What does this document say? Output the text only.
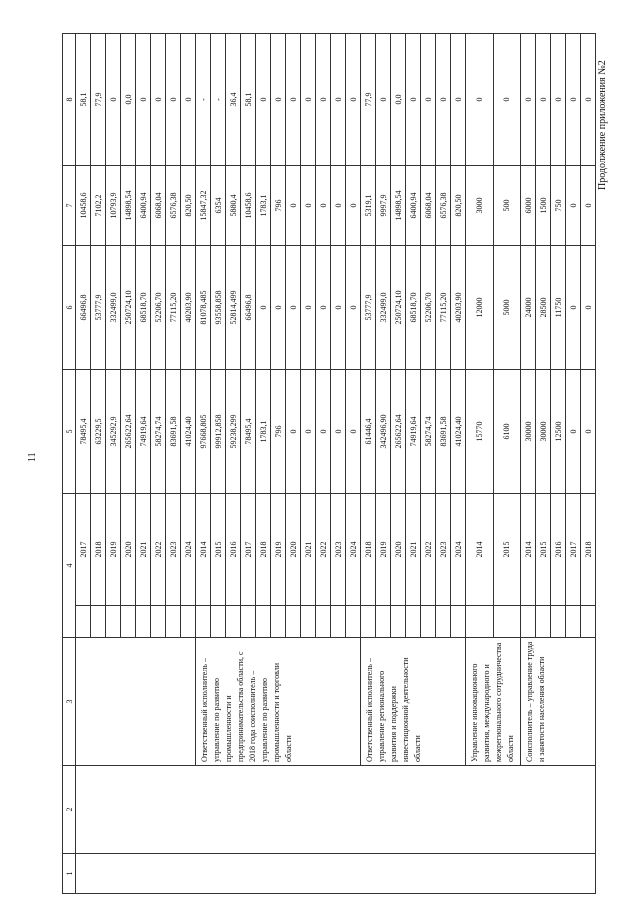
11
Продолжение приложения №2
1	2	3	4		5	6	7	8	
				2017	78495,4	66496,8	10458,6	58,1	
				2018	63229,5	53777,9	7102,2	77,9	
				2019	345292,9	332499,0	10793,9	0	
				2020	265622,64	250724,10	14898,54	0,0	
				2021	74919,64	68518,70	6400,94	0	
				2022	58274,74	52206,70	6068,04	0	
				2023	83691,58	77115,20	6576,38	0	
				2024	41024,40	40203,90	820,50	0	
		Ответственный исполнитель – управление по развитию промышленности и предпринимательства области, с 2018 года соисполнитель – управление по развитию промышленности и торговли области		2014	97668,805	81078,485	15847,32	-	
				2015	99912,858	93558,858	6354	-	
				2016	59238,299	52814,499	5880,4	36,4	
				2017	78495,4	66496,8	10458,6	58,1	
				2018	1783,1	0	1783,1	0	
				2019	796	0	796	0	
				2020	0	0	0	0	
				2021	0	0	0	0	
				2022	0	0	0	0	
				2023	0	0	0	0	
				2024	0	0	0	0	
		Ответственный исполнитель – управление регионального развития и поддержки инвестиционной деятельности области		2018	61446,4	53777,9	5319,1	77,9	
				2019	342496,90	332499,0	9997,9	0	
				2020	265622,64	250724,10	14898,54	0,0	
				2021	74919,64	68518,70	6400,94	0	
				2022	58274,74	52206,70	6068,04	0	
				2023	83691,58	77115,20	6576,38	0	
				2024	41024,40	40203,90	820,50	0	
		Управление инновационного развития, международного и межрегионального сотрудничества области		2014	15770	12000	3000	0	
				2015	6100	5000	500	0	
		Соисполнитель – управление труда и занятости населения области		2014	30000	24000	6000	0	
				2015	30000	28500	1500	0	
				2016	12500	11750	750	0	
				2017	0	0	0	0	
				2018	0	0	0	0	
